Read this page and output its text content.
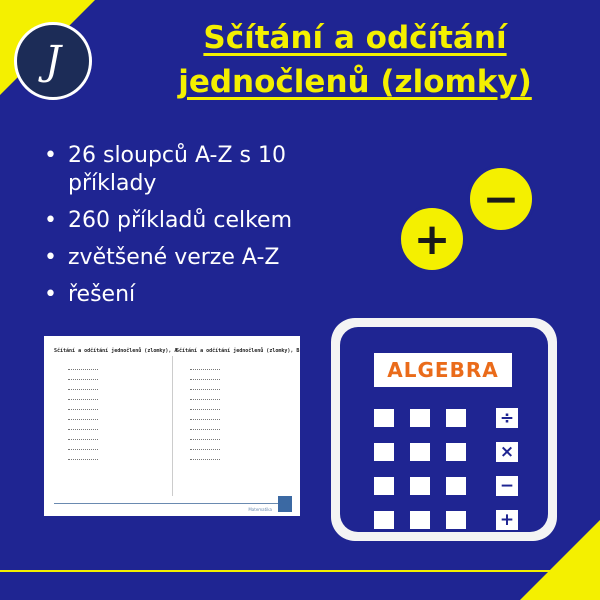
J	Sčítání a odčítání
jednočlenů (zlomky)
• 26 sloupců A-Z s 10 příklady
• 260 příkladů celkem
• zvětšené verze A-Z
• řešení
−
+
Sčítání a odčítání jednočlenů (zlomky), A
Sčítání a odčítání jednočlenů (zlomky), B
Matematika
ALGEBRA
÷
×
−
+
